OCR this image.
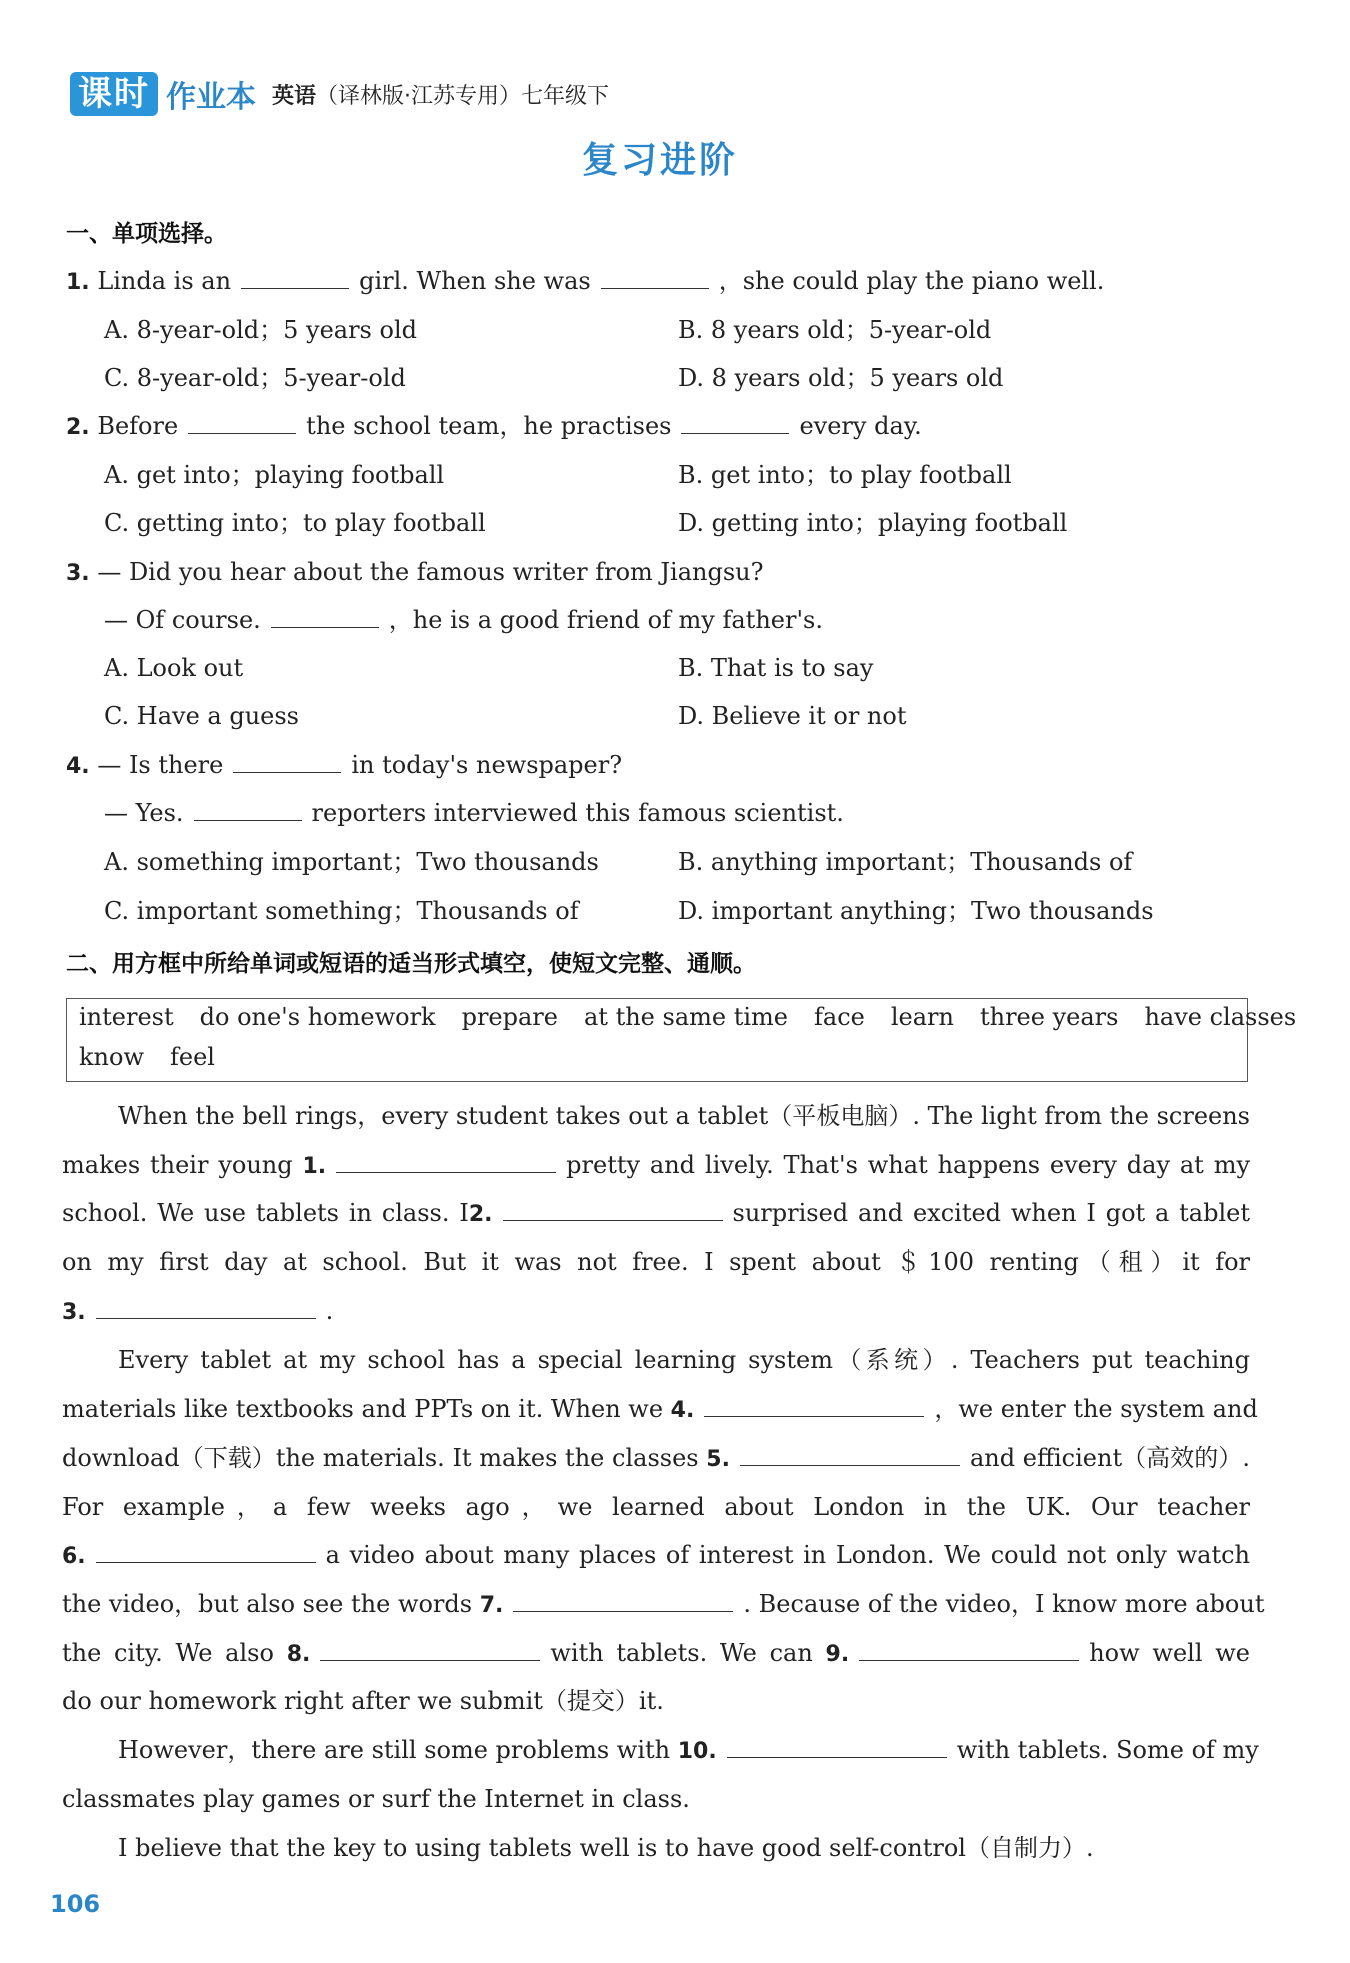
课时 作业本 英语（译林版·江苏专用）七年级下
复习进阶
一、单项选择。
1. Linda is an	girl. When she was	，she could play the piano well.
A. 8-year-old；5 years old	B. 8 years old；5-year-old
C. 8-year-old；5-year-old	D. 8 years old；5 years old
2. Before	the school team，he practises	every day.
A. get into；playing football	B. get into；to play football
C. getting into；to play football	D. getting into；playing football
3. — Did you hear about the famous writer from Jiangsu?
— Of course.	，he is a good friend of my father's.
A. Look out	B. That is to say
C. Have a guess	D. Believe it or not
4. — Is there	in today's newspaper?
— Yes.	reporters interviewed this famous scientist.
A. something important；Two thousands	B. anything important；Thousands of
C. important something；Thousands of	D. important anything；Two thousands
二、用方框中所给单词或短语的适当形式填空，使短文完整、通顺。
interest do one's homework prepare at the same time face learn three years have classes
know feel
When the bell rings，every student takes out a tablet（平板电脑）. The light from the screens
makes their young 1.	pretty and lively. That's what happens every day at my
school. We use tablets in class. I2.	surprised and excited when I got a tablet
on my first day at school. But it was not free. I spent about ＄100 renting（租）it for
3.	.
Every tablet at my school has a special learning system（系统）. Teachers put teaching
materials like textbooks and PPTs on it. When we 4.	，we enter the system and
download（下载）the materials. It makes the classes 5.	and efficient（高效的）.
For example，a few weeks ago，we learned about London in the UK. Our teacher
6.	a video about many places of interest in London. We could not only watch
the video，but also see the words 7.	. Because of the video，I know more about
the city. We also 8.	with tablets. We can 9.	how well we
do our homework right after we submit（提交）it.
However，there are still some problems with 10.	with tablets. Some of my
classmates play games or surf the Internet in class.
I believe that the key to using tablets well is to have good self-control（自制力）.
106
